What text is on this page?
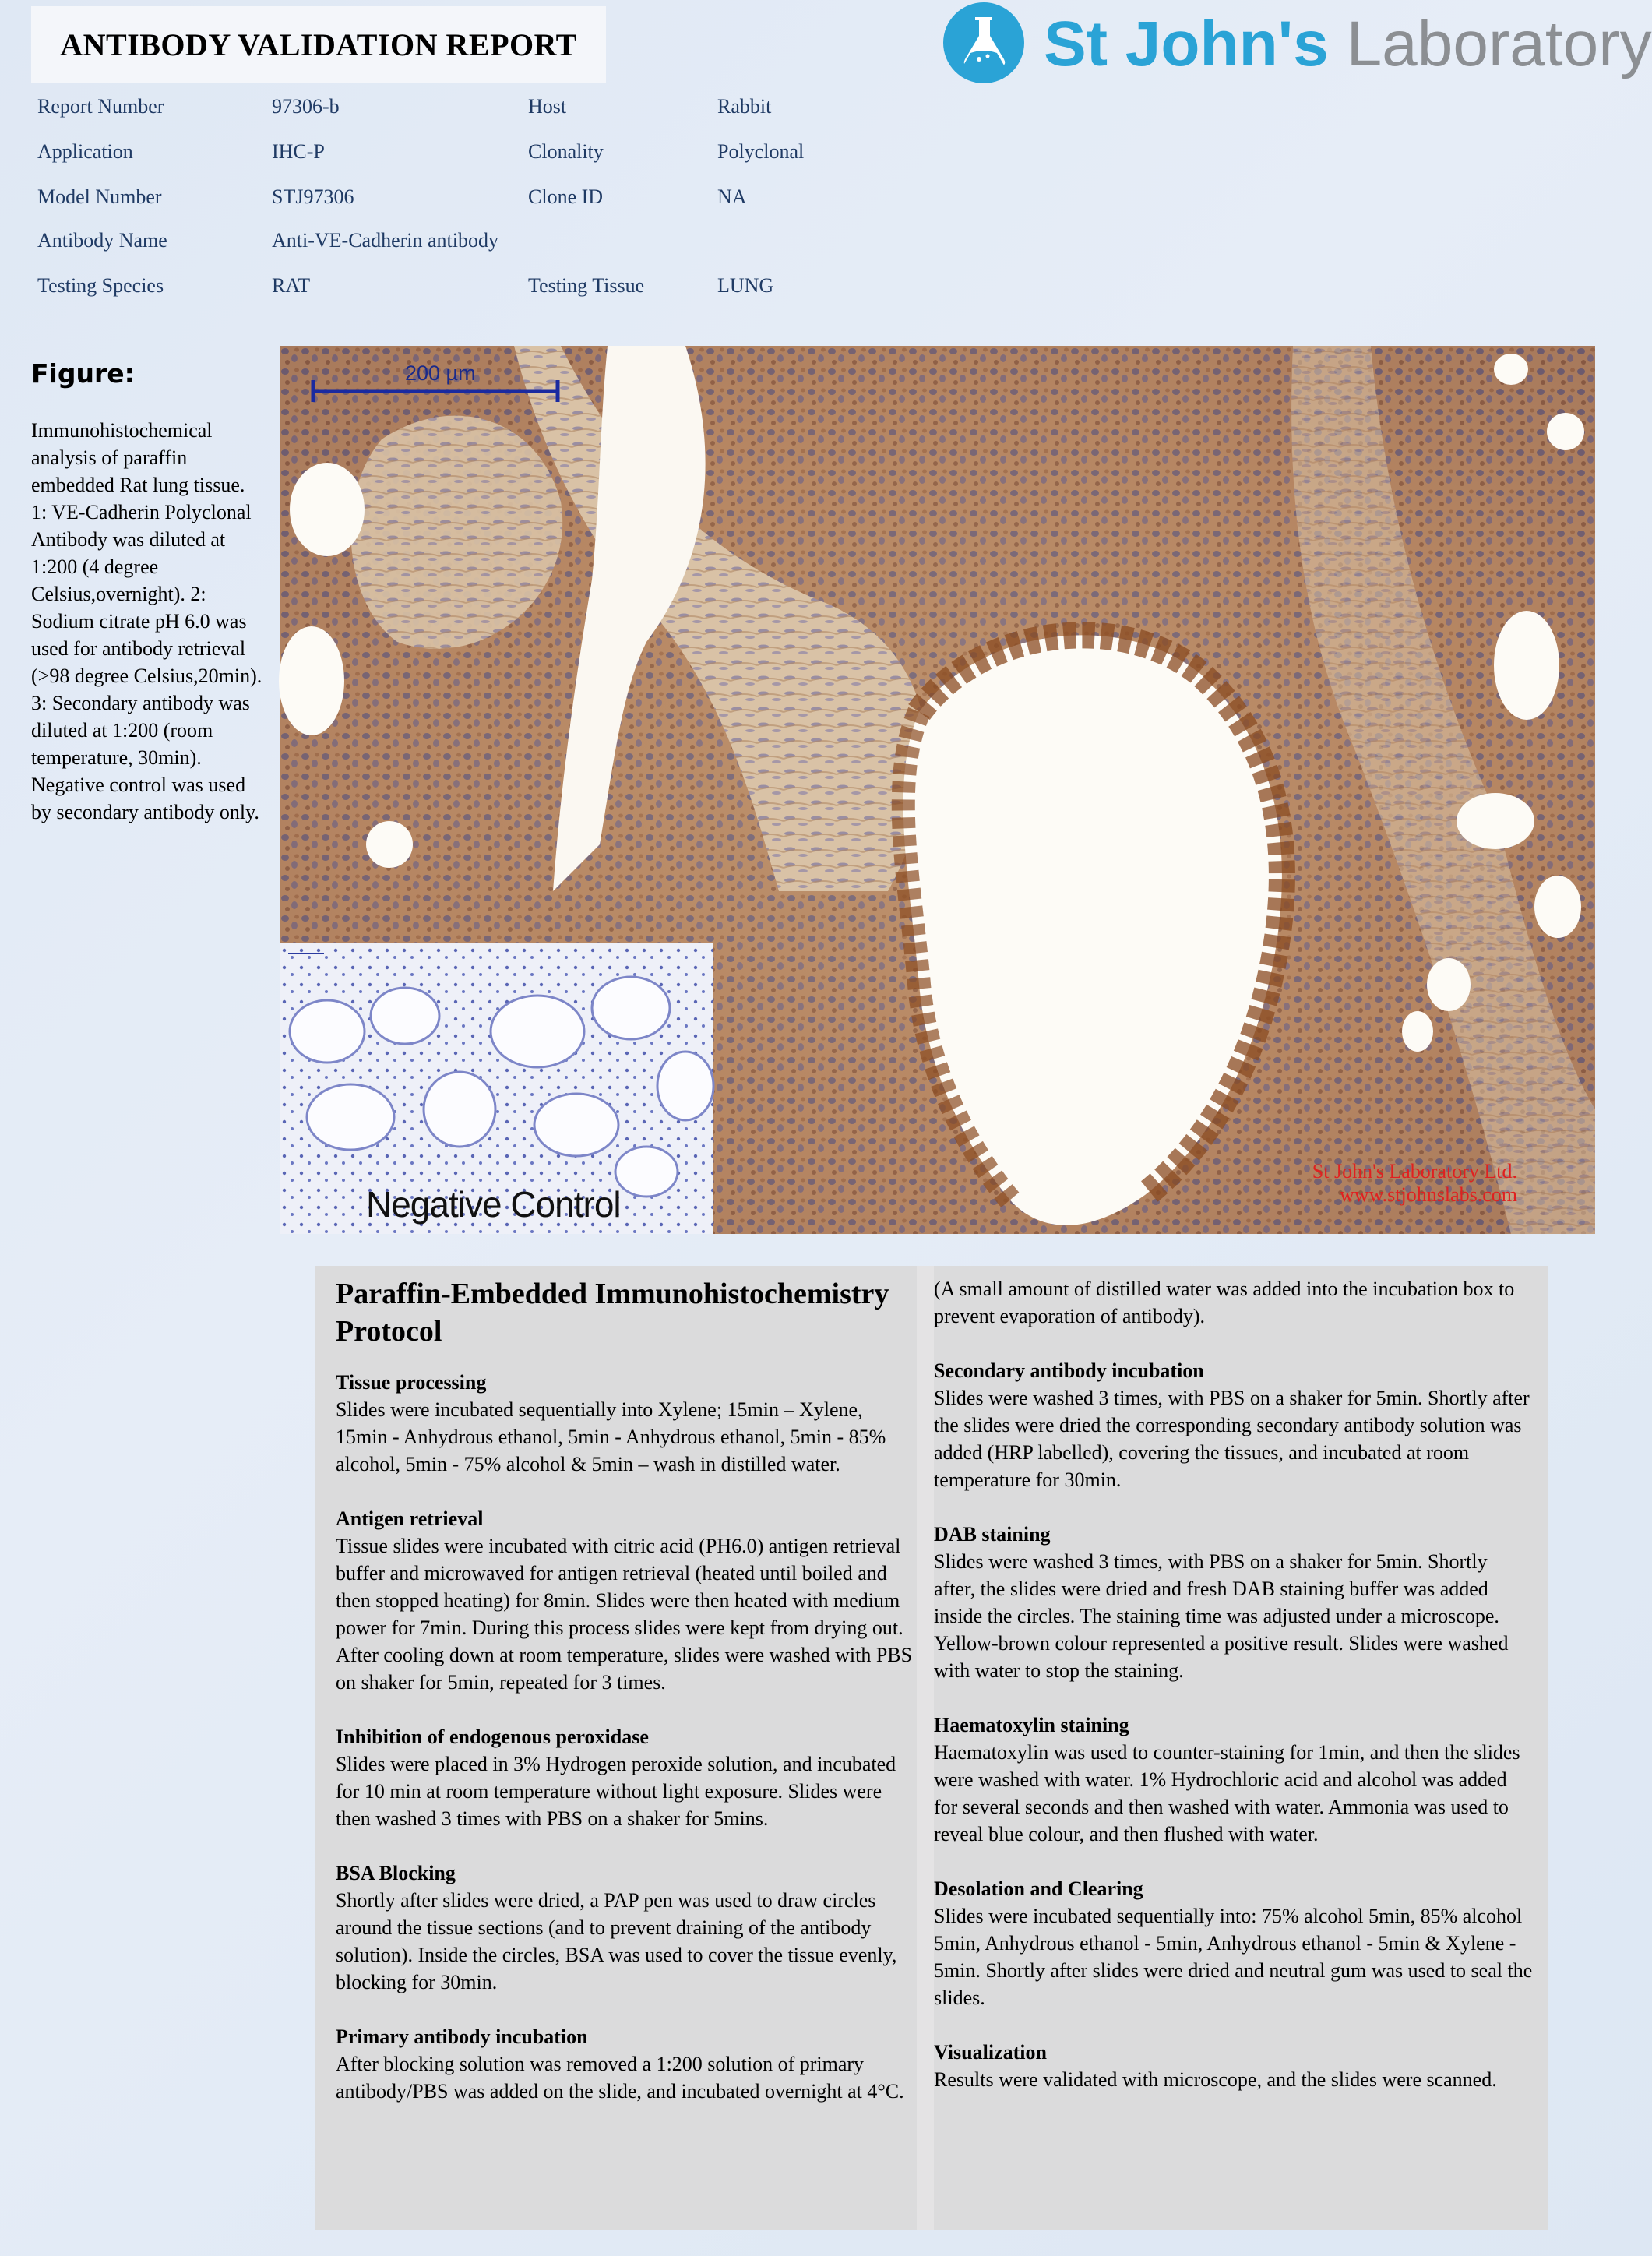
ANTIBODY VALIDATION REPORT	St John's Laboratory
Report Number	97306-b	Host	Rabbit
Application	IHC-P	Clonality	Polyclonal
Model Number	STJ97306	Clone ID	NA
Antibody Name	Anti-VE-Cadherin antibody
Testing Species	RAT	Testing Tissue	LUNG
Figure:
Immunohistochemical analysis of paraffin embedded Rat lung tissue. 1: VE-Cadherin Polyclonal Antibody was diluted at 1:200 (4 degree Celsius,overnight). 2: Sodium citrate pH 6.0 was used for antibody retrieval (>98 degree Celsius,20min). 3: Secondary antibody was diluted at 1:200 (room temperature, 30min). Negative control was used by secondary antibody only.
200 µm
Negative Control
St John's Laboratory Ltd.
www.stjohnslabs.com
Paraffin-Embedded Immunohistochemistry Protocol
Tissue processing
Slides were incubated sequentially into Xylene; 15min – Xylene, 15min - Anhydrous ethanol, 5min - Anhydrous ethanol, 5min - 85% alcohol, 5min - 75% alcohol & 5min – wash in distilled water.
Antigen retrieval
Tissue slides were incubated with citric acid (PH6.0) antigen retrieval buffer and microwaved for antigen retrieval (heated until boiled and then stopped heating) for 8min. Slides were then heated with medium power for 7min. During this process slides were kept from drying out. After cooling down at room temperature, slides were washed with PBS on shaker for 5min, repeated for 3 times.
Inhibition of endogenous peroxidase
Slides were placed in 3% Hydrogen peroxide solution, and incubated for 10 min at room temperature without light exposure. Slides were then washed 3 times with PBS on a shaker for 5mins.
BSA Blocking
Shortly after slides were dried, a PAP pen was used to draw circles around the tissue sections (and to prevent draining of the antibody solution). Inside the circles, BSA was used to cover the tissue evenly, blocking for 30min.
Primary antibody incubation
After blocking solution was removed a 1:200 solution of primary antibody/PBS was added on the slide, and incubated overnight at 4°C.
(A small amount of distilled water was added into the incubation box to prevent evaporation of antibody).
Secondary antibody incubation
Slides were washed 3 times, with PBS on a shaker for 5min. Shortly after the slides were dried the corresponding secondary antibody solution was added (HRP labelled), covering the tissues, and incubated at room temperature for 30min.
DAB staining
Slides were washed 3 times, with PBS on a shaker for 5min. Shortly after, the slides were dried and fresh DAB staining buffer was added inside the circles. The staining time was adjusted under a microscope. Yellow-brown colour represented a positive result. Slides were washed with water to stop the staining.
Haematoxylin staining
Haematoxylin was used to counter-staining for 1min, and then the slides were washed with water. 1% Hydrochloric acid and alcohol was added for several seconds and then washed with water. Ammonia was used to reveal blue colour, and then flushed with water.
Desolation and Clearing
Slides were incubated sequentially into: 75% alcohol 5min, 85% alcohol 5min, Anhydrous ethanol - 5min, Anhydrous ethanol - 5min & Xylene - 5min. Shortly after slides were dried and neutral gum was used to seal the slides.
Visualization
Results were validated with microscope, and the slides were scanned.
